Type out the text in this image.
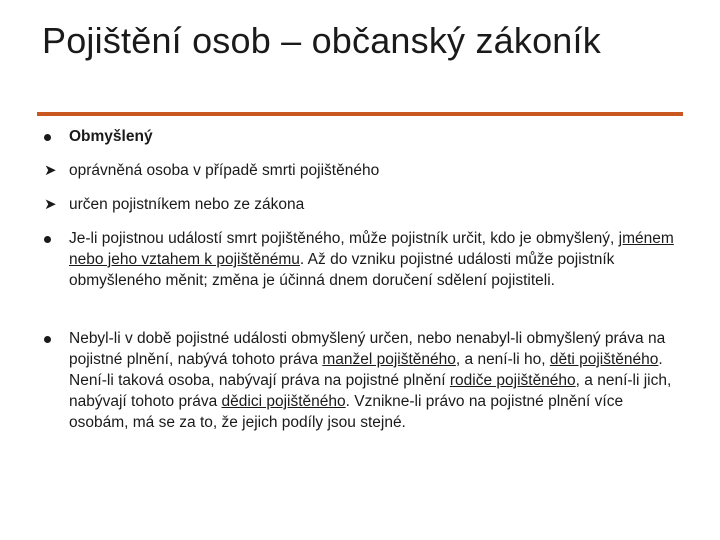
Pojištění osob – občanský zákoník
Obmyšlený
➤ oprávněná osoba v případě smrti pojištěného
➤ určen pojistníkem nebo ze zákona
Je-li pojistnou událostí smrt pojištěného, může pojistník určit, kdo je obmyšlený, jménem nebo jeho vztahem k pojištěnému. Až do vzniku pojistné události může pojistník obmyšleného měnit; změna je účinná dnem doručení sdělení pojistiteli.
Nebyl-li v době pojistné události obmyšlený určen, nebo nenabyl-li obmyšlený práva na pojistné plnění, nabývá tohoto práva manžel pojištěného, a není-li ho, děti pojištěného. Není-li taková osoba, nabývají práva na pojistné plnění rodiče pojištěného, a není-li jich, nabývají tohoto práva dědici pojištěného. Vznikne-li právo na pojistné plnění více osobám, má se za to, že jejich podíly jsou stejné.
